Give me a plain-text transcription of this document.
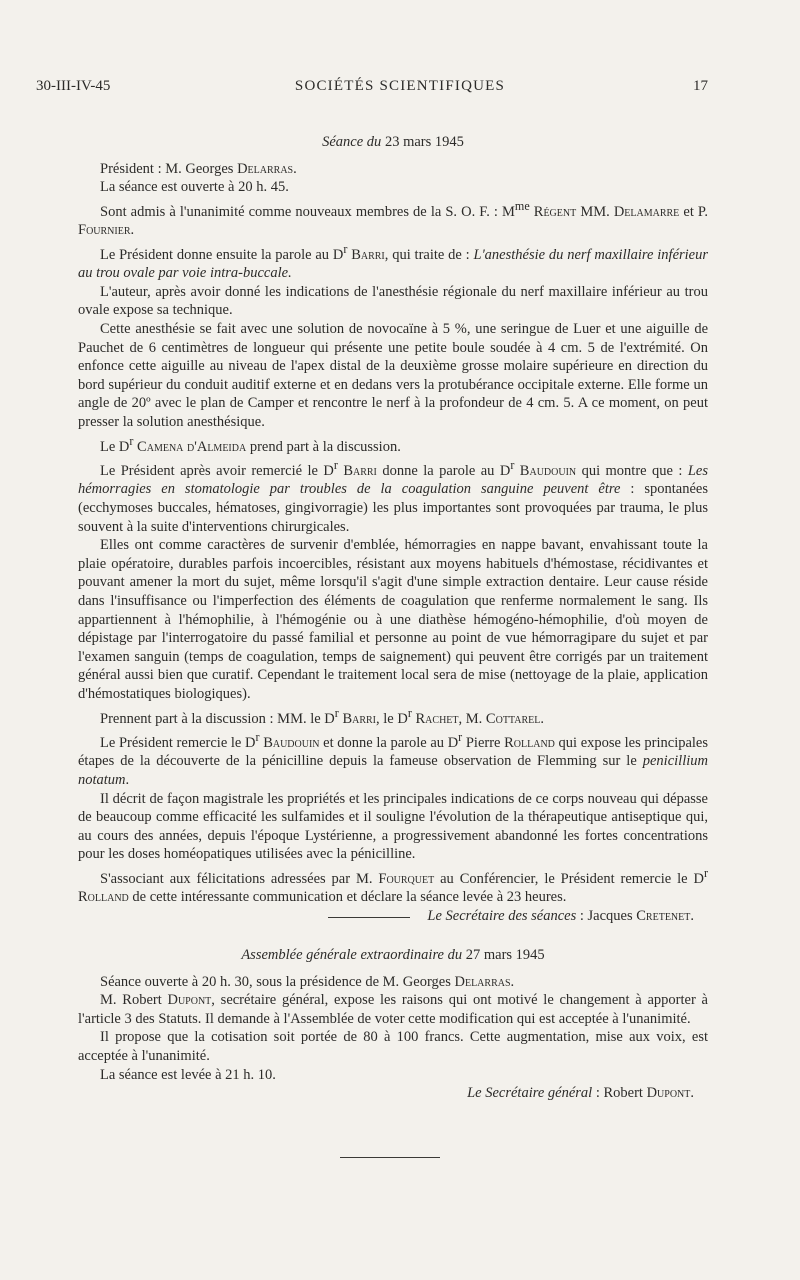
30-III-IV-45	SOCIÉTÉS SCIENTIFIQUES	17

Séance du 23 mars 1945

Président : M. Georges Delarras.

La séance est ouverte à 20 h. 45.

Sont admis à l'unanimité comme nouveaux membres de la S. O. F. : $M^{me}$ Régent MM. Delamarre et P. Fournier.

Le Président donne ensuite la parole au $D^r$ Barri, qui traite de : L'anesthésie du nerf maxillaire inférieur au trou ovale par voie intra-buccale.

L'auteur, après avoir donné les indications de l'anesthésie régionale du nerf maxillaire inférieur au trou ovale expose sa technique.

Cette anesthésie se fait avec une solution de novocaïne à 5 %, une seringue de Luer et une aiguille de Pauchet de 6 centimètres de longueur qui présente une petite boule soudée à 4 cm. 5 de l'extrémité. On enfonce cette aiguille au niveau de l'apex distal de la deuxième grosse molaire supérieure en direction du bord supérieur du conduit auditif externe et en dedans vers la protubérance occipitale externe. Elle forme un angle de 20º avec le plan de Camper et rencontre le nerf à la profondeur de 4 cm. 5. A ce moment, on peut presser la solution anesthésique.

Le $D^r$ Camena d'Almeida prend part à la discussion.

Le Président après avoir remercié le $D^r$ Barri donne la parole au $D^r$ Baudouin qui montre que : Les hémorragies en stomatologie par troubles de la coagulation sanguine peuvent être : spontanées (ecchymoses buccales, hématoses, gingivorragie) les plus importantes sont provoquées par trauma, le plus souvent à la suite d'interventions chirurgicales.

Elles ont comme caractères de survenir d'emblée, hémorragies en nappe bavant, envahissant toute la plaie opératoire, durables parfois incoercibles, résistant aux moyens habituels d'hémostase, récidivantes et pouvant amener la mort du sujet, même lorsqu'il s'agit d'une simple extraction dentaire. Leur cause réside dans l'insuffisance ou l'imperfection des éléments de coagulation que renferme normalement le sang. Ils appartiennent à l'hémophilie, à l'hémogénie ou à une diathèse hémogéno-hémophilie, d'où moyen de dépistage par l'interrogatoire du passé familial et personne au point de vue hémorragipare du sujet et par l'examen sanguin (temps de coagulation, temps de saignement) qui peuvent être corrigés par un traitement général aussi bien que curatif. Cependant le traitement local sera de mise (nettoyage de la plaie, application d'hémostatiques biologiques).

Prennent part à la discussion : MM. le $D^r$ Barri, le $D^r$ Rachet, M. Cottarel.

Le Président remercie le $D^r$ Baudouin et donne la parole au $D^r$ Pierre Rolland qui expose les principales étapes de la découverte de la pénicilline depuis la fameuse observation de Flemming sur le penicillium notatum.

Il décrit de façon magistrale les propriétés et les principales indications de ce corps nouveau qui dépasse de beaucoup comme efficacité les sulfamides et il souligne l'évolution de la thérapeutique antiseptique qui, au cours des années, depuis l'époque Lystérienne, a progressivement abandonné les fortes concentrations pour les doses homéopatiques utilisées avec la pénicilline.

S'associant aux félicitations adressées par M. Fourquet au Conférencier, le Président remercie le $D^r$ Rolland de cette intéressante communication et déclare la séance levée à 23 heures.

Le Secrétaire des séances : Jacques Cretenet.

Assemblée générale extraordinaire du 27 mars 1945

Séance ouverte à 20 h. 30, sous la présidence de M. Georges Delarras.

M. Robert Dupont, secrétaire général, expose les raisons qui ont motivé le changement à apporter à l'article 3 des Statuts. Il demande à l'Assemblée de voter cette modification qui est acceptée à l'unanimité.

Il propose que la cotisation soit portée de 80 à 100 francs. Cette augmentation, mise aux voix, est acceptée à l'unanimité.

La séance est levée à 21 h. 10.

Le Secrétaire général : Robert Dupont.
